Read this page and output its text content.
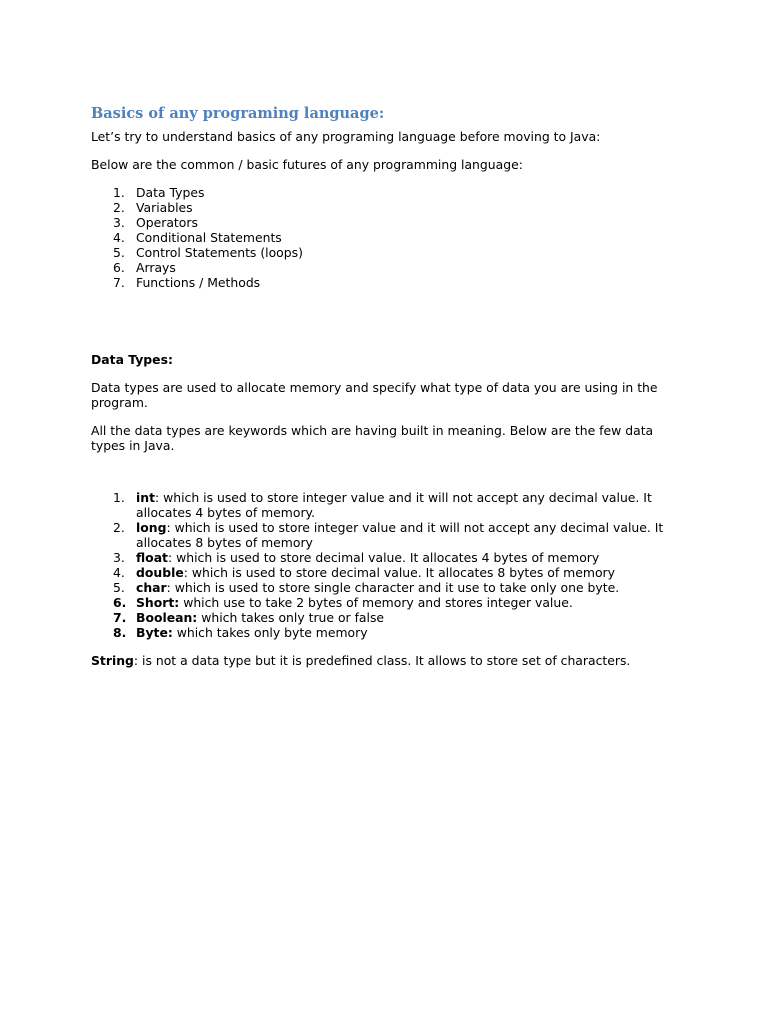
Basics of any programing language:

Let’s try to understand basics of any programing language before moving to Java:

Below are the common / basic futures of any programming language:

1. Data Types
2. Variables
3. Operators
4. Conditional Statements
5. Control Statements (loops)
6. Arrays
7. Functions / Methods

Data Types:

Data types are used to allocate memory and specify what type of data you are using in the program.

All the data types are keywords which are having built in meaning. Below are the few data types in Java.

1. int: which is used to store integer value and it will not accept any decimal value. It allocates 4 bytes of memory.
2. long: which is used to store integer value and it will not accept any decimal value. It allocates 8 bytes of memory
3. float: which is used to store decimal value. It allocates 4 bytes of memory
4. double: which is used to store decimal value. It allocates 8 bytes of memory
5. char: which is used to store single character and it use to take only one byte.
6. Short: which use to take 2 bytes of memory and stores integer value.
7. Boolean: which takes only true or false
8. Byte: which takes only byte memory

String: is not a data type but it is predefined class. It allows to store set of characters.
